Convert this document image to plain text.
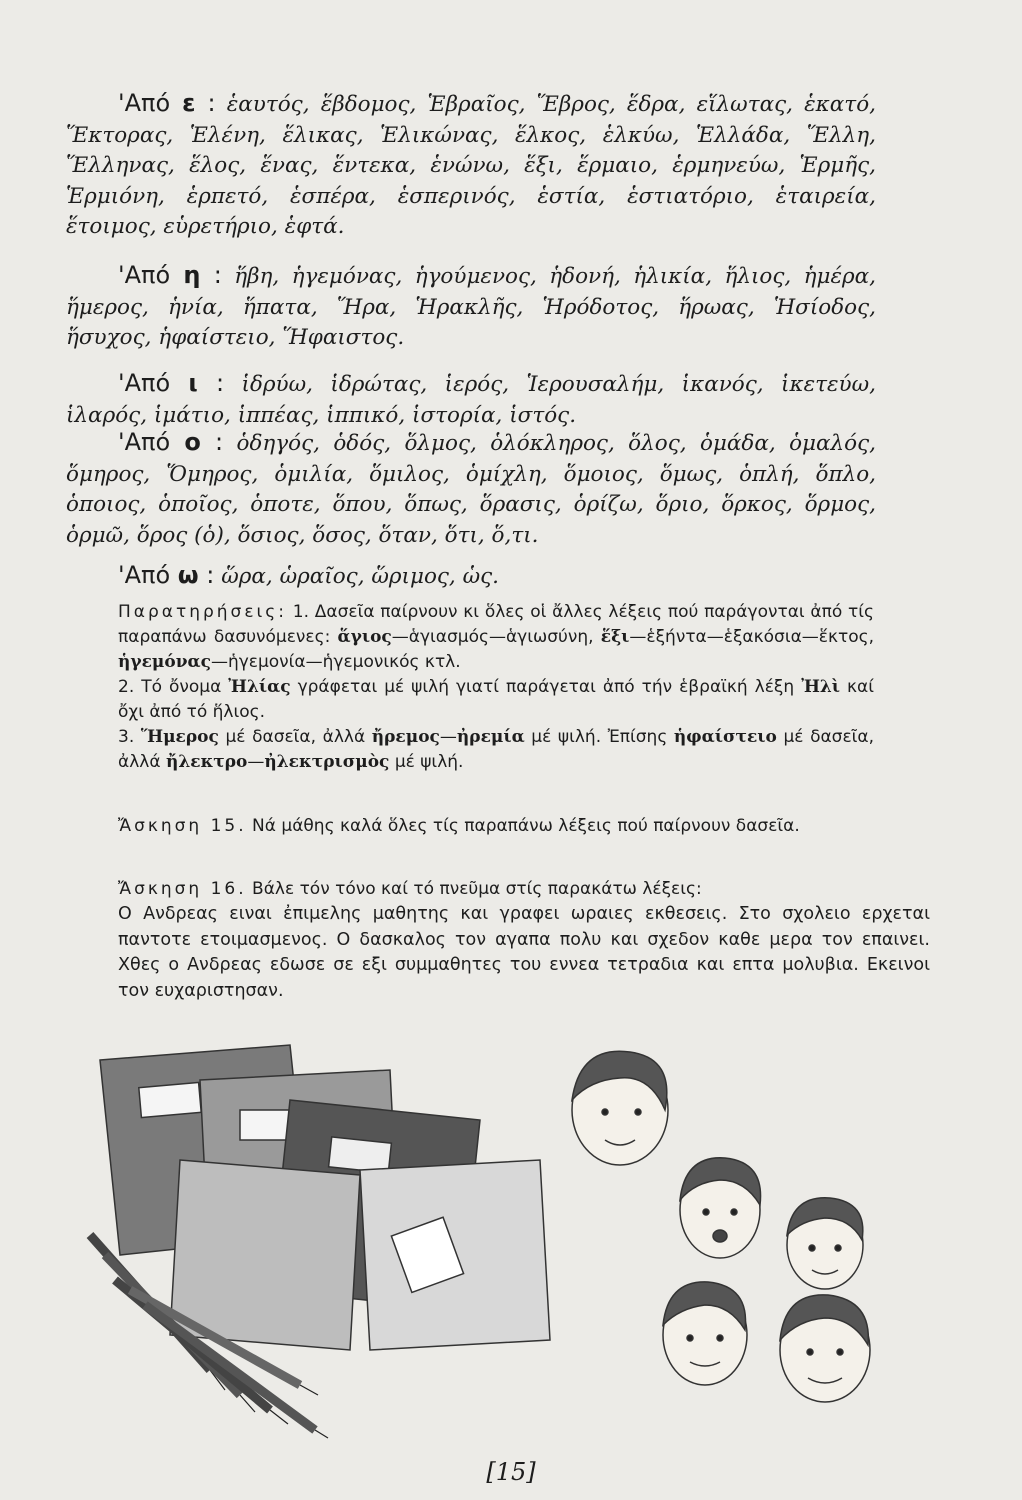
'Από ε : ἑαυτός, ἕβδομος, Ἑβραῖος, Ἕβρος, ἕδρα, εἵλωτας, ἑκατό, Ἕκτορας, Ἑλένη, ἕλικας, Ἑλικώνας, ἕλκος, ἑλκύω, Ἑλλάδα, Ἕλλη, Ἕλληνας, ἕλος, ἕνας, ἕντεκα, ἑνώνω, ἕξι, ἕρμαιο, ἑρμηνεύω, Ἑρμῆς, Ἑρμιόνη, ἑρπετό, ἑσπέρα, ἑσπερινός, ἑστία, ἑστιατόριο, ἑταιρεία, ἕτοιμος, εὑρετήριο, ἑφτά.
'Από η : ἥβη, ἡγεμόνας, ἡγούμενος, ἡδονή, ἡλικία, ἥλιος, ἡμέρα, ἥμερος, ἡνία, ἥπατα, Ἥρα, Ἡρακλῆς, Ἡρόδοτος, ἥρωας, Ἡσίοδος, ἥσυχος, ἡφαίστειο, Ἥφαιστος.
'Από ι : ἱδρύω, ἱδρώτας, ἱερός, Ἱερουσαλήμ, ἱκανός, ἱκετεύω, ἱλαρός, ἱμάτιο, ἱππέας, ἱππικό, ἱστορία, ἱστός.
'Από ο : ὁδηγός, ὁδός, ὅλμος, ὁλόκληρος, ὅλος, ὁμάδα, ὁμαλός, ὅμηρος, Ὅμηρος, ὁμιλία, ὅμιλος, ὁμίχλη, ὅμοιος, ὅμως, ὁπλή, ὅπλο, ὁποιος, ὁποῖος, ὁποτε, ὅπου, ὅπως, ὅρασις, ὁρίζω, ὅριο, ὅρκος, ὅρμος, ὁρμῶ, ὅρος (ὁ), ὅσιος, ὅσος, ὅταν, ὅτι, ὅ,τι.
'Από ω : ὥρα, ὡραῖος, ὥριμος, ὡς.
Παρατηρήσεις: 1. Δασεῖα παίρνουν κι ὅλες οἱ ἄλλες λέξεις πού παράγονται ἀπό τίς παραπάνω δασυνόμενες: ἅγιος—ἁγιασμός—ἁγιωσύνη, ἕξι—ἑξήντα—ἑξακόσια—ἕκτος, ἡγεμόνας—ἡγεμονία—ἡγεμονικός κτλ.
2. Τό ὄνομα Ἠλίας γράφεται μέ ψιλή γιατί παράγεται ἀπό τήν ἑβραϊκή λέξη Ἠλὶ καί ὄχι ἀπό τό ἥλιος.
3. Ἥμερος μέ δασεῖα, ἀλλά ἤρεμος—ἠρεμία μέ ψιλή. Ἐπίσης ἡφαίστειο μέ δασεῖα, ἀλλά ἤλεκτρο—ἠλεκτρισμὸς μέ ψιλή.
Ἄσκηση 15. Νά μάθης καλά ὅλες τίς παραπάνω λέξεις πού παίρνουν δασεῖα.
Ἄσκηση 16. Βάλε τόν τόνο καί τό πνεῦμα στίς παρακάτω λέξεις:
Ο Ανδρεας ειναι ἐπιμελης μαθητης και γραφει ωραιες εκθεσεις. Στο σχολειο ερχεται παντοτε ετοιμασμενος. Ο δασκαλος τον αγαπα πολυ και σχεδον καθε μερα τον επαινει. Χθες ο Ανδρεας εδωσε σε εξι συμμαθητες του εννεα τετραδια και επτα μολυβια. Εκεινοι τον ευχαριστησαν.
[15]
